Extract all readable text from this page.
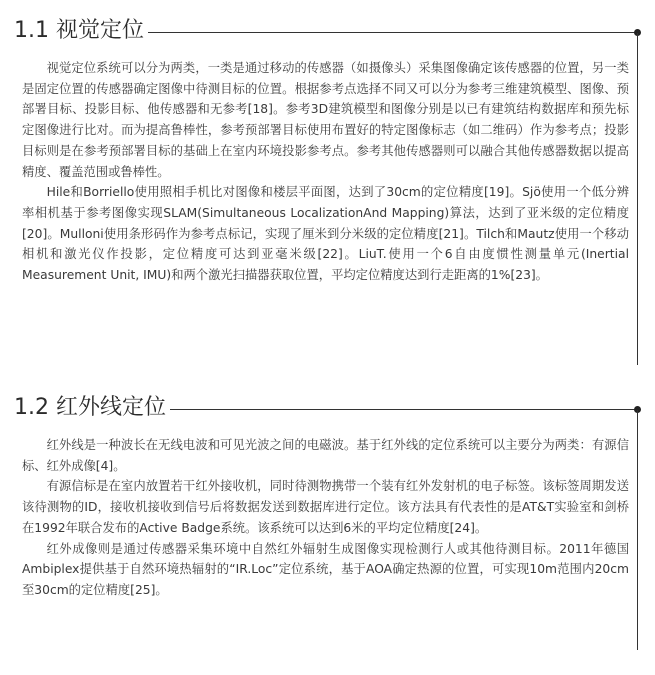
1.1 视觉定位

视觉定位系统可以分为两类，一类是通过移动的传感器（如摄像头）采集图像确定该传感器的位置，另一类是固定位置的传感器确定图像中待测目标的位置。根据参考点选择不同又可以分为参考三维建筑模型、图像、预部署目标、投影目标、他传感器和无参考[18]。参考3D建筑模型和图像分别是以已有建筑结构数据库和预先标定图像进行比对。而为提高鲁棒性，参考预部署目标使用布置好的特定图像标志（如二维码）作为参考点；投影目标则是在参考预部署目标的基础上在室内环境投影参考点。参考其他传感器则可以融合其他传感器数据以提高精度、覆盖范围或鲁棒性。

Hile和Borriello使用照相手机比对图像和楼层平面图，达到了30cm的定位精度[19]。Sjö使用一个低分辨率相机基于参考图像实现SLAM(Simultaneous LocalizationAnd Mapping)算法，达到了亚米级的定位精度[20]。Mulloni使用条形码作为参考点标记，实现了厘米到分米级的定位精度[21]。Tilch和Mautz使用一个移动相机和激光仪作投影，定位精度可达到亚毫米级[22]。LiuT.使用一个6自由度惯性测量单元(Inertial Measurement Unit, IMU)和两个激光扫描器获取位置，平均定位精度达到行走距离的1%[23]。

1.2 红外线定位

红外线是一种波长在无线电波和可见光波之间的电磁波。基于红外线的定位系统可以主要分为两类：有源信标、红外成像[4]。

有源信标是在室内放置若干红外接收机，同时待测物携带一个装有红外发射机的电子标签。该标签周期发送该待测物的ID，接收机接收到信号后将数据发送到数据库进行定位。该方法具有代表性的是AT&T实验室和剑桥在1992年联合发布的Active Badge系统。该系统可以达到6米的平均定位精度[24]。

红外成像则是通过传感器采集环境中自然红外辐射生成图像实现检测行人或其他待测目标。2011年德国Ambiplex提供基于自然环境热辐射的“IR.Loc”定位系统，基于AOA确定热源的位置，可实现10m范围内20cm至30cm的定位精度[25]。
